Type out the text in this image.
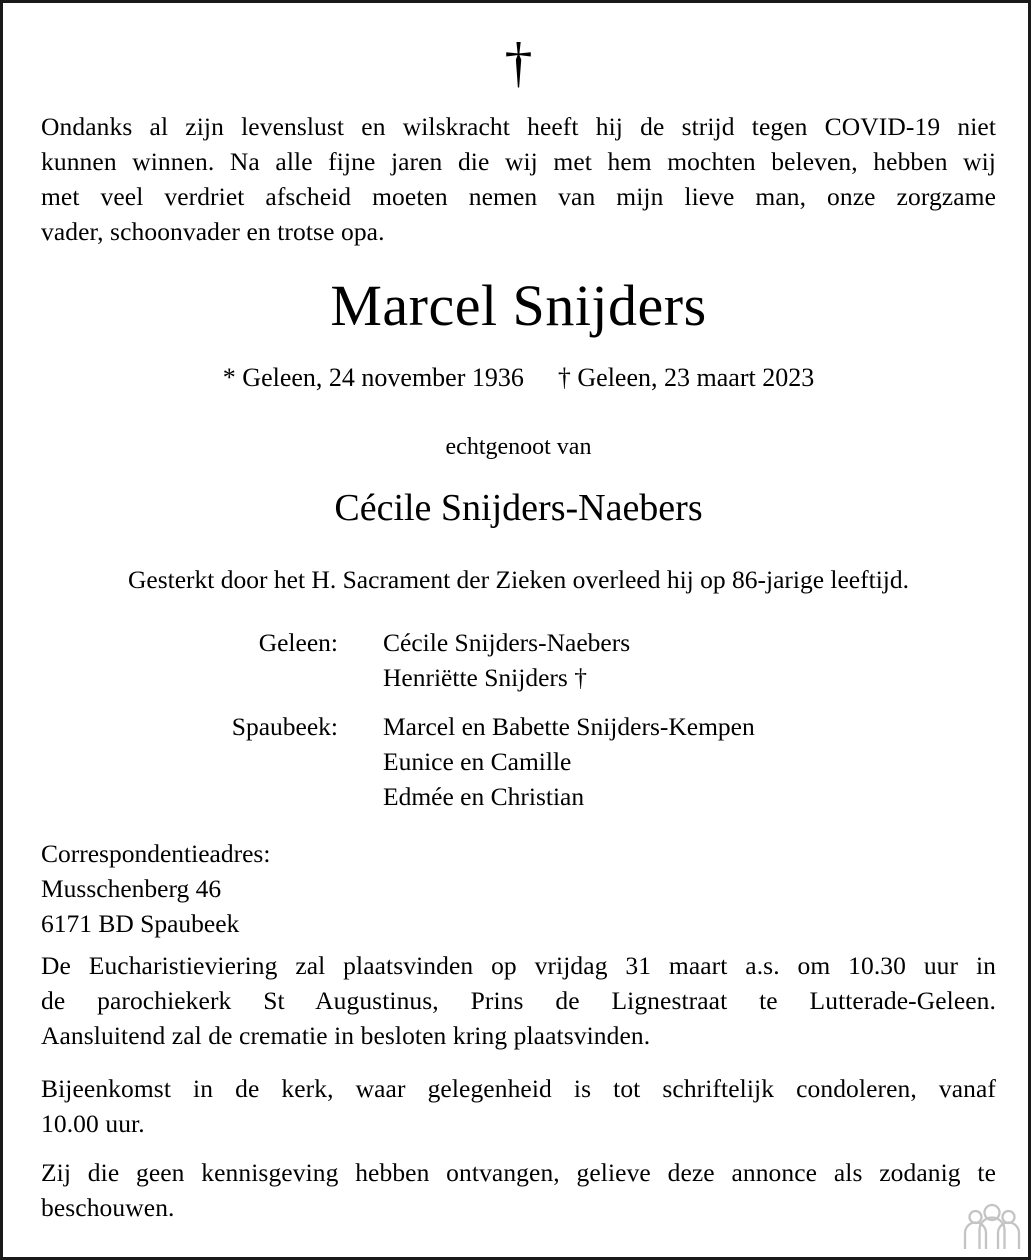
†
Ondanks al zijn levenslust en wilskracht heeft hij de strijd tegen COVID-19 niet
kunnen winnen. Na alle fijne jaren die wij met hem mochten beleven, hebben wij
met veel verdriet afscheid moeten nemen van mijn lieve man, onze zorgzame
vader, schoonvader en trotse opa.
Marcel Snijders
* Geleen, 24 november 1936 † Geleen, 23 maart 2023
echtgenoot van
Cécile Snijders-Naebers
Gesterkt door het H. Sacrament der Zieken overleed hij op 86-jarige leeftijd.
Geleen:	Cécile Snijders-Naebers
Henriëtte Snijders †
Spaubeek:	Marcel en Babette Snijders-Kempen
Eunice en Camille
Edmée en Christian
Correspondentieadres:
Musschenberg 46
6171 BD Spaubeek
De Eucharistieviering zal plaatsvinden op vrijdag 31 maart a.s. om 10.30 uur in
de parochiekerk St Augustinus, Prins de Lignestraat te Lutterade-Geleen.
Aansluitend zal de crematie in besloten kring plaatsvinden.
Bijeenkomst in de kerk, waar gelegenheid is tot schriftelijk condoleren, vanaf
10.00 uur.
Zij die geen kennisgeving hebben ontvangen, gelieve deze annonce als zodanig te
beschouwen.
